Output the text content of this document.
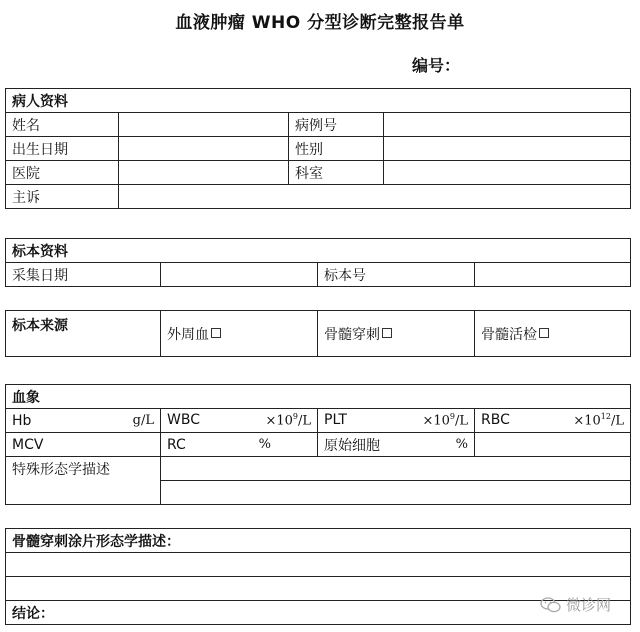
血液肿瘤 WHO 分型诊断完整报告单
编号：
病人资料			
姓名		病例号	
出生日期		性别	
医院		科室	
主诉			
标本资料
采集日期		标本号	
标本来源	外周血	骨髓穿刺	骨髓活检
血象			

Hb g/L	WBC $\times 10^9/L$	PLT $\times 10^9/L$	RBC $\times 10^{12}/L$

MCV	RC %	原始细胞 %	

特殊形态学描述			

骨髓穿刺涂片形态学描述：

结论：	微诊网
